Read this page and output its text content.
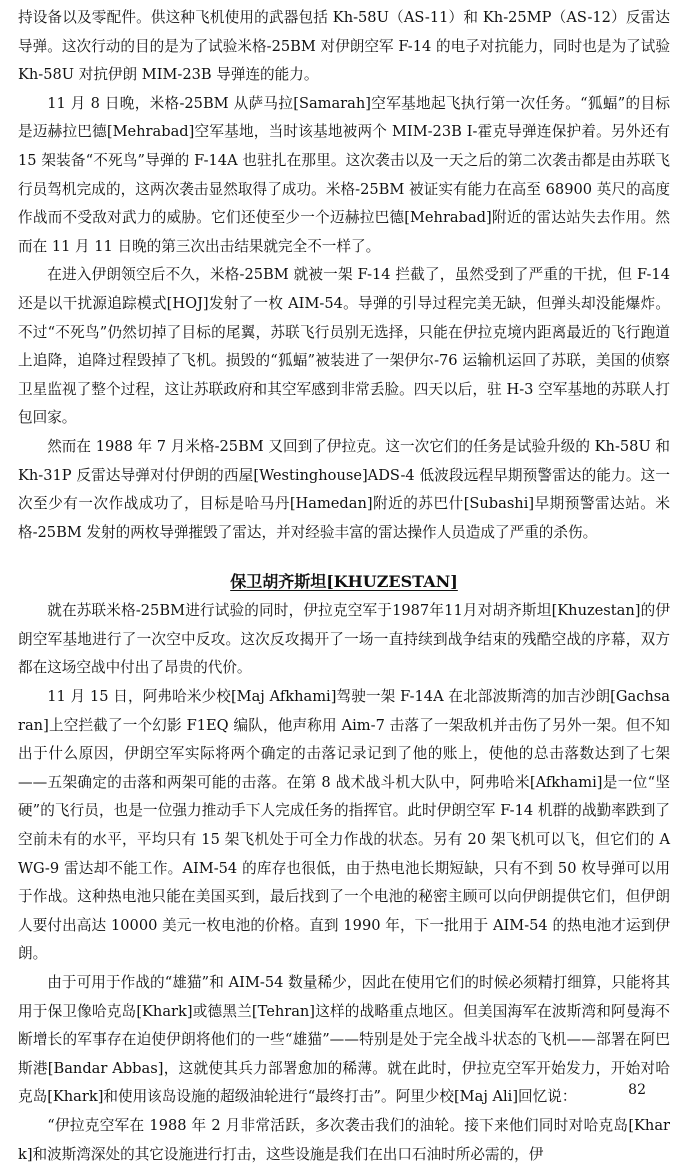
持设备以及零配件。供这种飞机使用的武器包括 Kh-58U（AS-11）和 Kh-25MP（AS-12）反雷达导弹。这次行动的目的是为了试验米格-25BM 对伊朗空军 F-14 的电子对抗能力，同时也是为了试验 Kh-58U 对抗伊朗 MIM-23B 导弹连的能力。

11 月 8 日晚，米格-25BM 从萨马拉[Samarah]空军基地起飞执行第一次任务。“狐蝠”的目标是迈赫拉巴德[Mehrabad]空军基地，当时该基地被两个 MIM-23B I-霍克导弹连保护着。另外还有 15 架装备“不死鸟”导弹的 F-14A 也驻扎在那里。这次袭击以及一天之后的第二次袭击都是由苏联飞行员驾机完成的，这两次袭击显然取得了成功。米格-25BM 被证实有能力在高至 68900 英尺的高度作战而不受敌对武力的威胁。它们还使至少一个迈赫拉巴德[Mehrabad]附近的雷达站失去作用。然而在 11 月 11 日晚的第三次出击结果就完全不一样了。

在进入伊朗领空后不久，米格-25BM 就被一架 F-14 拦截了，虽然受到了严重的干扰，但 F-14 还是以干扰源追踪模式[HOJ]发射了一枚 AIM-54。导弹的引导过程完美无缺，但弹头却没能爆炸。不过“不死鸟”仍然切掉了目标的尾翼，苏联飞行员别无选择，只能在伊拉克境内距离最近的飞行跑道上追降，追降过程毁掉了飞机。损毁的“狐蝠”被装进了一架伊尔-76 运输机运回了苏联，美国的侦察卫星监视了整个过程，这让苏联政府和其空军感到非常丢脸。四天以后，驻 H-3 空军基地的苏联人打包回家。

然而在 1988 年 7 月米格-25BM 又回到了伊拉克。这一次它们的任务是试验升级的 Kh-58U 和 Kh-31P 反雷达导弹对付伊朗的西屋[Westinghouse]ADS-4 低波段远程早期预警雷达的能力。这一次至少有一次作战成功了，目标是哈马丹[Hamedan]附近的苏巴什[Subashi]早期预警雷达站。米格-25BM 发射的两枚导弹摧毁了雷达，并对经验丰富的雷达操作人员造成了严重的杀伤。

保卫胡齐斯坦[KHUZESTAN]

就在苏联米格-25BM进行试验的同时，伊拉克空军于1987年11月对胡齐斯坦[Khuzestan]的伊朗空军基地进行了一次空中反攻。这次反攻揭开了一场一直持续到战争结束的残酷空战的序幕，双方都在这场空战中付出了昂贵的代价。

11 月 15 日，阿弗哈米少校[Maj Afkhami]驾驶一架 F-14A 在北部波斯湾的加吉沙朗[Gachsaran]上空拦截了一个幻影 F1EQ 编队，他声称用 Aim-7 击落了一架敌机并击伤了另外一架。但不知出于什么原因，伊朗空军实际将两个确定的击落记录记到了他的账上，使他的总击落数达到了七架——五架确定的击落和两架可能的击落。在第 8 战术战斗机大队中，阿弗哈米[Afkhami]是一位“坚硬”的飞行员，也是一位强力推动手下人完成任务的指挥官。此时伊朗空军 F-14 机群的战勤率跌到了空前未有的水平，平均只有 15 架飞机处于可全力作战的状态。另有 20 架飞机可以飞，但它们的 AWG-9 雷达却不能工作。AIM-54 的库存也很低，由于热电池长期短缺，只有不到 50 枚导弹可以用于作战。这种热电池只能在美国买到，最后找到了一个电池的秘密主顾可以向伊朗提供它们，但伊朗人要付出高达 10000 美元一枚电池的价格。直到 1990 年，下一批用于 AIM-54 的热电池才运到伊朗。

由于可用于作战的“雄猫”和 AIM-54 数量稀少，因此在使用它们的时候必须精打细算，只能将其用于保卫像哈克岛[Khark]或德黑兰[Tehran]这样的战略重点地区。但美国海军在波斯湾和阿曼海不断增长的军事存在迫使伊朗将他们的一些“雄猫”——特别是处于完全战斗状态的飞机——部署在阿巴斯港[Bandar Abbas]，这就使其兵力部署愈加的稀薄。就在此时，伊拉克空军开始发力，开始对哈克岛[Khark]和使用该岛设施的超级油轮进行“最终打击”。阿里少校[Maj Ali]回忆说：

“伊拉克空军在 1988 年 2 月非常活跃，多次袭击我们的油轮。接下来他们同时对哈克岛[Khark]和波斯湾深处的其它设施进行打击，这些设施是我们在出口石油时所必需的，伊

82
